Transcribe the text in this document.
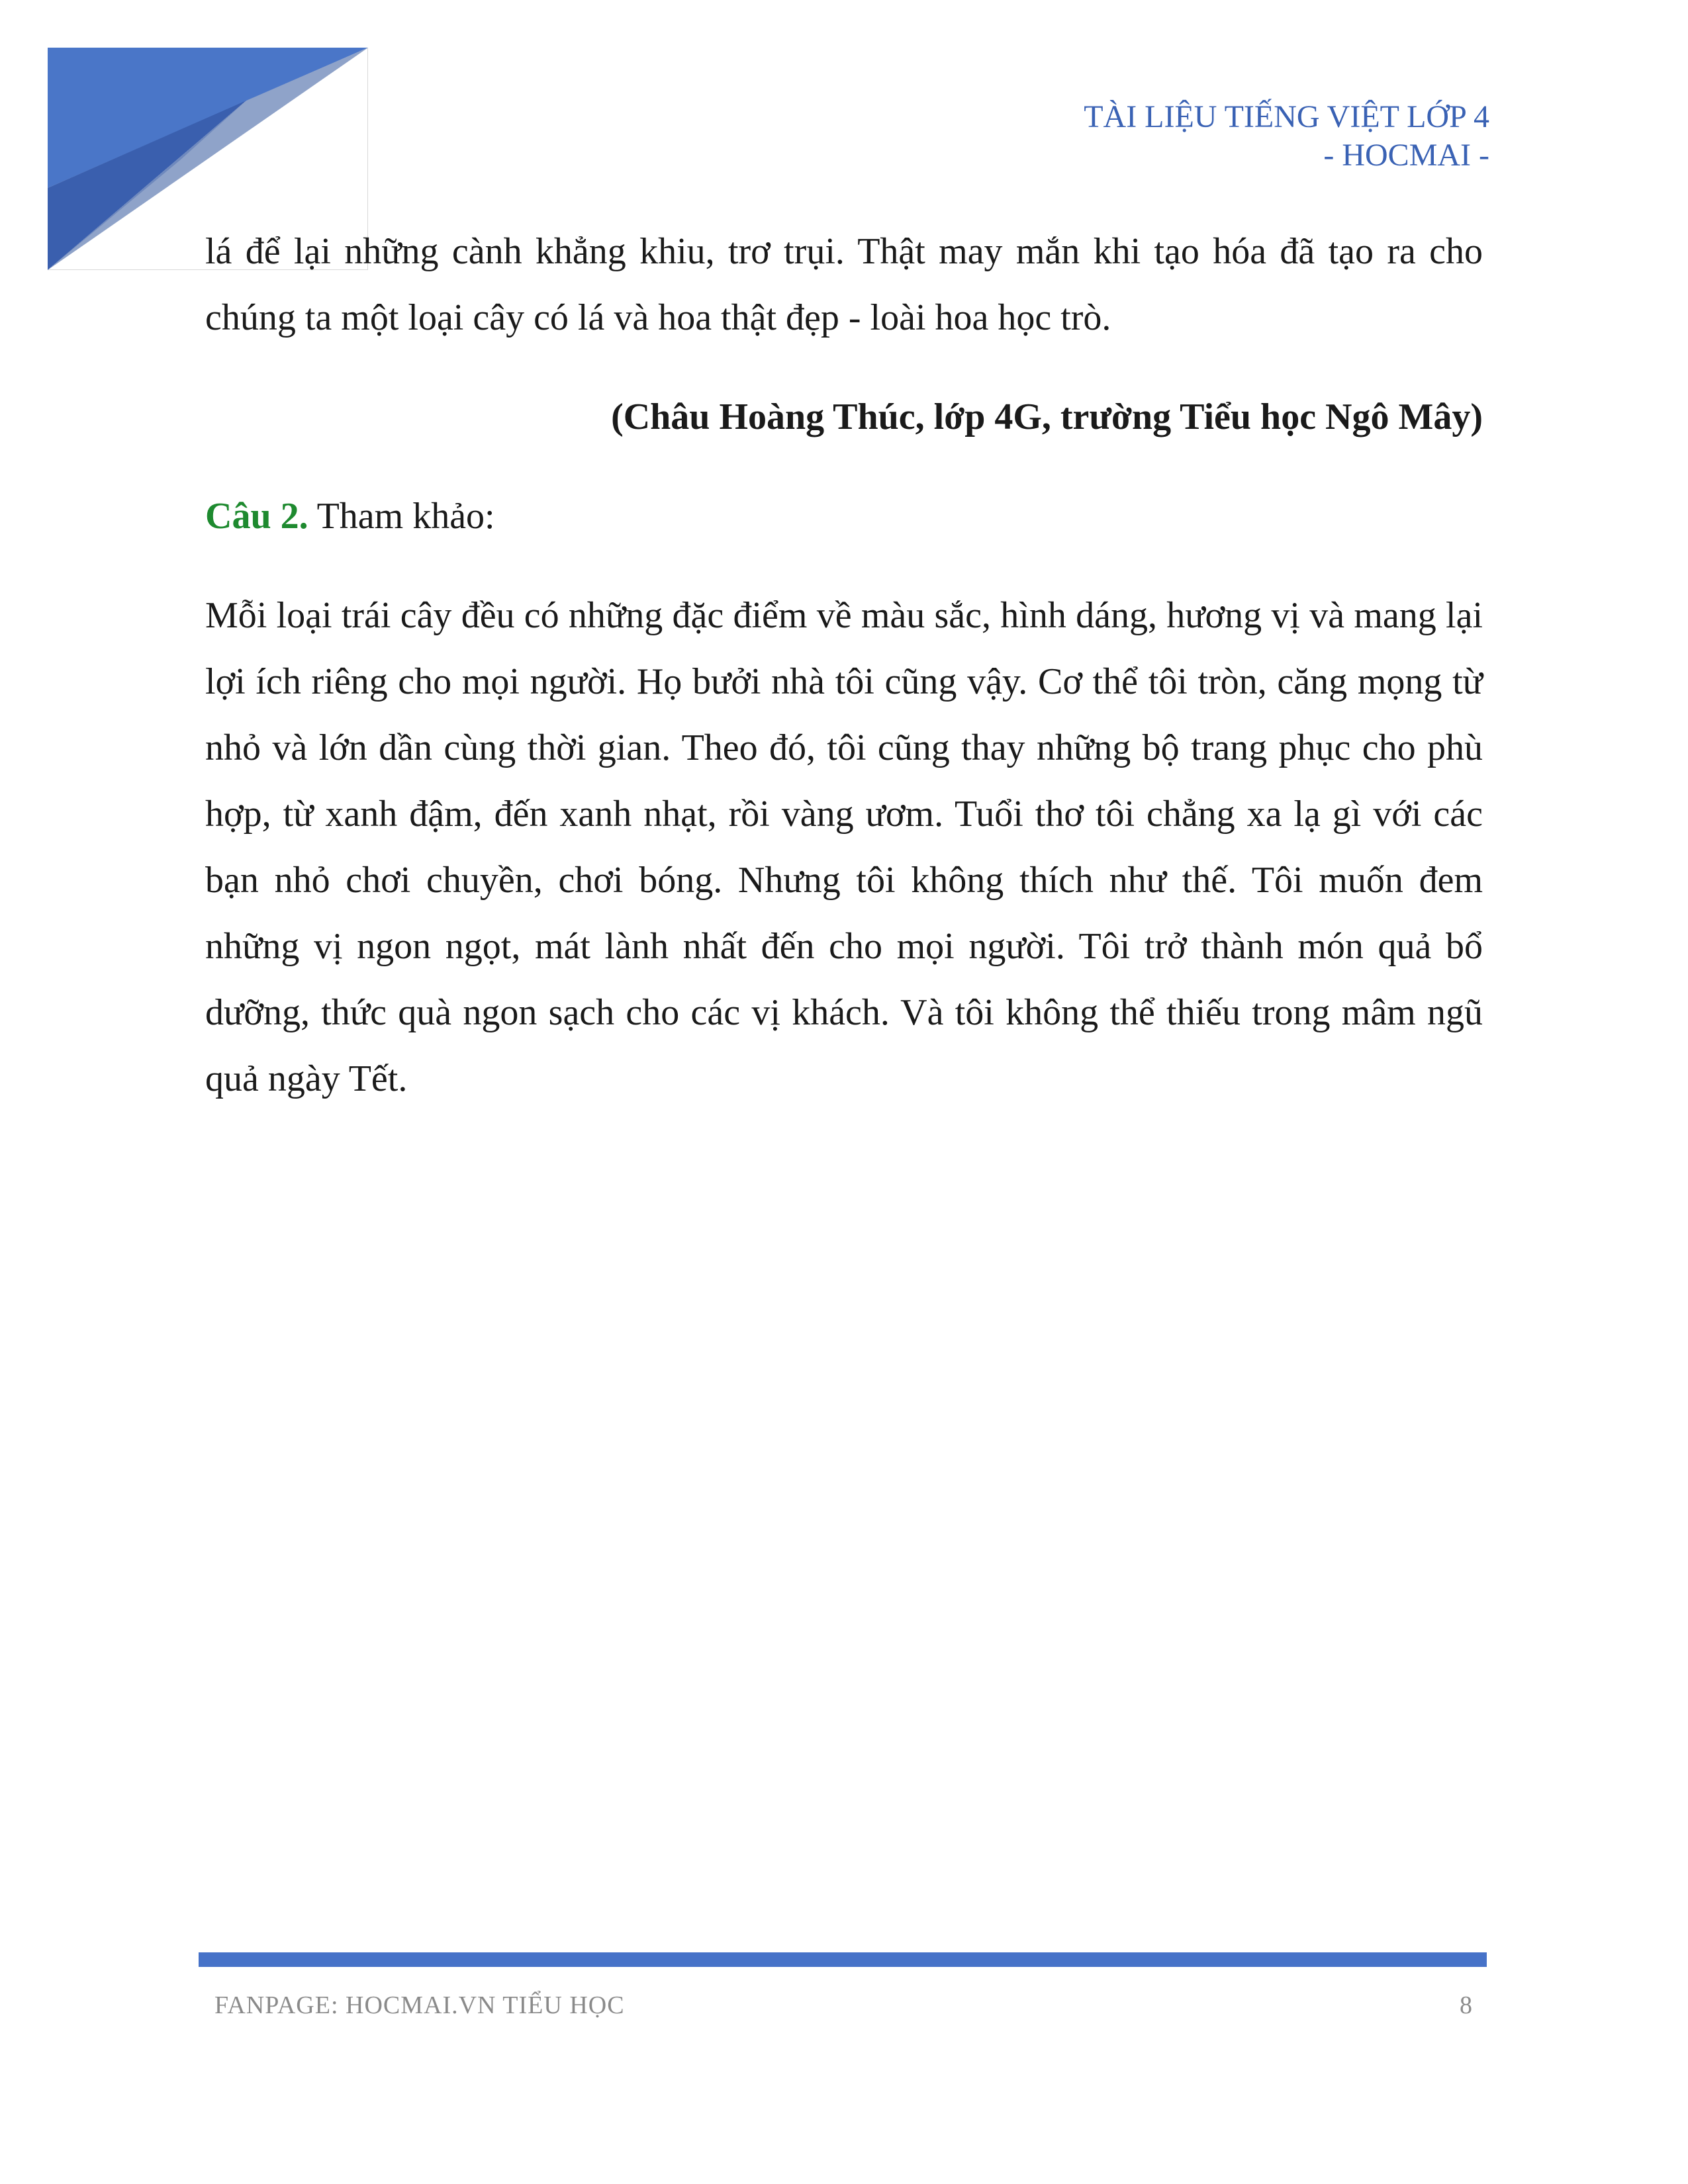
TÀI LIỆU TIẾNG VIỆT LỚP 4
- HOCMAI -

lá để lại những cành khẳng khiu, trơ trụi. Thật may mắn khi tạo hóa đã tạo ra cho chúng ta một loại cây có lá và hoa thật đẹp - loài hoa học trò.

(Châu Hoàng Thúc, lớp 4G, trường Tiểu học Ngô Mây)
Câu 2. Tham khảo:

Mỗi loại trái cây đều có những đặc điểm về màu sắc, hình dáng, hương vị và mang lại lợi ích riêng cho mọi người. Họ bưởi nhà tôi cũng vậy. Cơ thể tôi tròn, căng mọng từ nhỏ và lớn dần cùng thời gian. Theo đó, tôi cũng thay những bộ trang phục cho phù hợp, từ xanh đậm, đến xanh nhạt, rồi vàng ươm. Tuổi thơ tôi chẳng xa lạ gì với các bạn nhỏ chơi chuyền, chơi bóng. Nhưng tôi không thích như thế. Tôi muốn đem những vị ngon ngọt, mát lành nhất đến cho mọi người. Tôi trở thành món quả bổ dưỡng, thức quà ngon sạch cho các vị khách. Và tôi không thể thiếu trong mâm ngũ quả ngày Tết.

FANPAGE: HOCMAI.VN TIỂU HỌC	8
